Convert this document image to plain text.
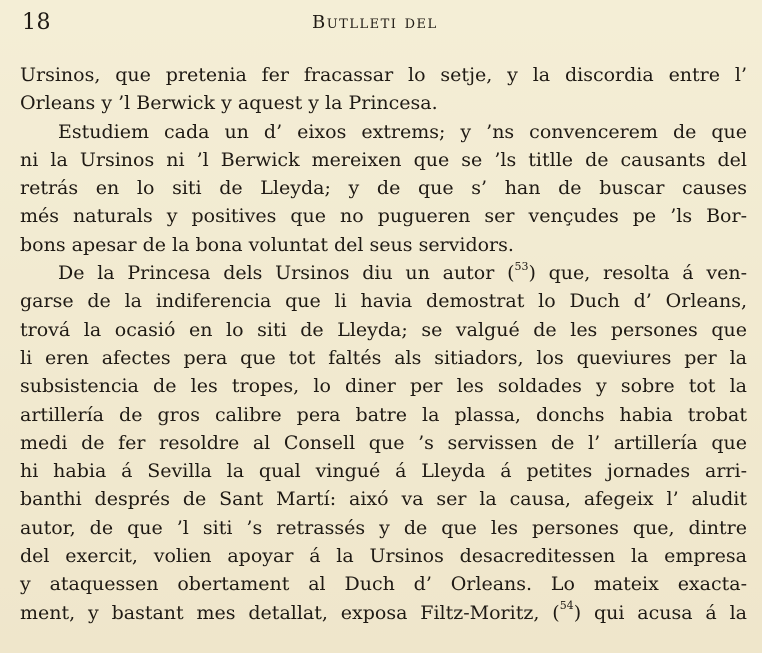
18	Butlleti del
Ursinos, que pretenia fer fracassar lo setje, y la discordia entre l’
Orleans y ’l Berwick y aquest y la Princesa.
Estudiem cada un d’ eixos extrems; y ’ns convencerem de que
ni la Ursinos ni ’l Berwick mereixen que se ’ls titlle de causants del
retrás en lo siti de Lleyda; y de que s’ han de buscar causes
més naturals y positives que no pugueren ser vençudes pe ’ls Bor-
bons apesar de la bona voluntat del seus servidors.
De la Princesa dels Ursinos diu un autor ($^{53}$) que, resolta á ven-
garse de la indiferencia que li havia demostrat lo Duch d’ Orleans,
trová la ocasió en lo siti de Lleyda; se valgué de les persones que
li eren afectes pera que tot faltés als sitiadors, los queviures per la
subsistencia de les tropes, lo diner per les soldades y sobre tot la
artillería de gros calibre pera batre la plassa, donchs habia trobat
medi de fer resoldre al Consell que ’s servissen de l’ artillería que
hi habia á Sevilla la qual vingué á Lleyda á petites jornades arri-
banthi després de Sant Martí: aixó va ser la causa, afegeix l’ aludit
autor, de que ’l siti ’s retrassés y de que les persones que, dintre
del exercit, volien apoyar á la Ursinos desacreditessen la empresa
y ataquessen obertament al Duch d’ Orleans. Lo mateix exacta-
ment, y bastant mes detallat, exposa Filtz-Moritz, ($^{54}$) qui acusa á la
